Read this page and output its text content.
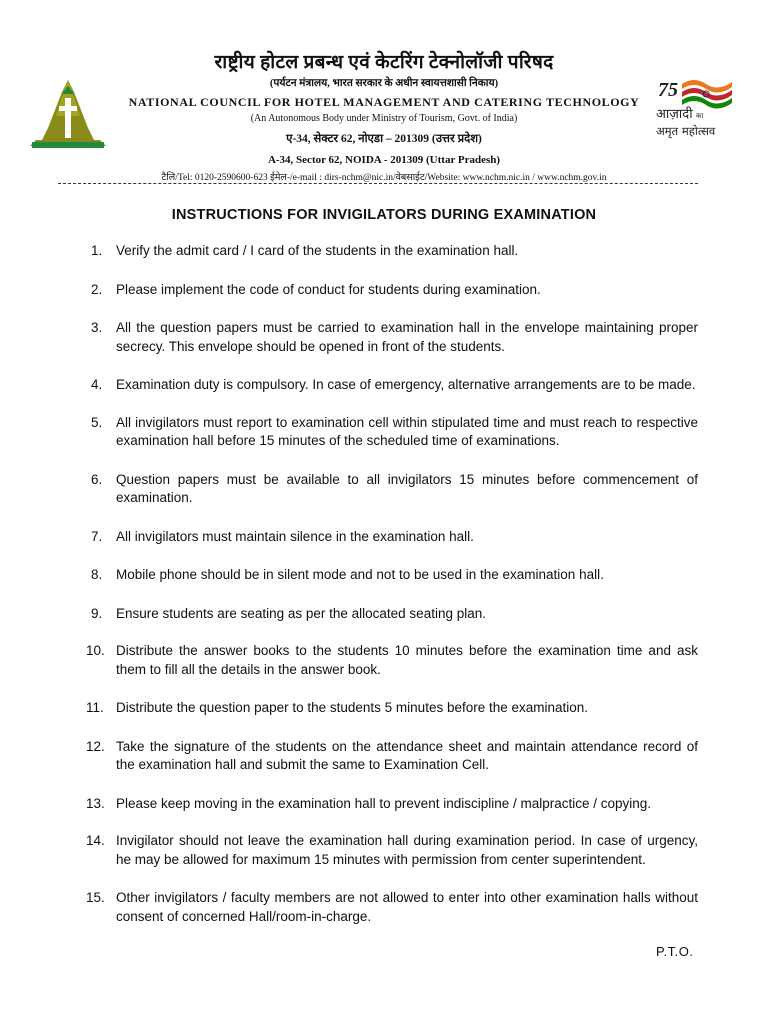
राष्ट्रीय होटल प्रबन्ध एवं केटरिंग टेक्नोलॉजी परिषद
(पर्यटन मंत्रालय, भारत सरकार के अधीन स्वायत्तशासी निकाय)
NATIONAL COUNCIL FOR HOTEL MANAGEMENT AND CATERING TECHNOLOGY
(An Autonomous Body under Ministry of Tourism, Govt. of India)
ए-34, सेक्टर 62, नोएडा – 201309 (उत्तर प्रदेश)
A-34, Sector 62, NOIDA - 201309 (Uttar Pradesh)
टैलि/Tel: 0120-2590600-623 ईमेल-/e-mail : dirs-nchm@nic.in/वेबसाईट/Website: www.nchm.nic.in / www.nchm.gov.in
75
आज़ादी का
अमृत महोत्सव
INSTRUCTIONS FOR INVIGILATORS DURING EXAMINATION
1. Verify the admit card / I card of the students in the examination hall.
2. Please implement the code of conduct for students during examination.
3. All the question papers must be carried to examination hall in the envelope maintaining proper secrecy. This envelope should be opened in front of the students.
4. Examination duty is compulsory. In case of emergency, alternative arrangements are to be made.
5. All invigilators must report to examination cell within stipulated time and must reach to respective examination hall before 15 minutes of the scheduled time of examinations.
6. Question papers must be available to all invigilators 15 minutes before commencement of examination.
7. All invigilators must maintain silence in the examination hall.
8. Mobile phone should be in silent mode and not to be used in the examination hall.
9. Ensure students are seating as per the allocated seating plan.
10. Distribute the answer books to the students 10 minutes before the examination time and ask them to fill all the details in the answer book.
11. Distribute the question paper to the students 5 minutes before the examination.
12. Take the signature of the students on the attendance sheet and maintain attendance record of the examination hall and submit the same to Examination Cell.
13. Please keep moving in the examination hall to prevent indiscipline / malpractice / copying.
14. Invigilator should not leave the examination hall during examination period. In case of urgency, he may be allowed for maximum 15 minutes with permission from center superintendent.
15. Other invigilators / faculty members are not allowed to enter into other examination halls without consent of concerned Hall/room-in-charge.
P.T.O.
